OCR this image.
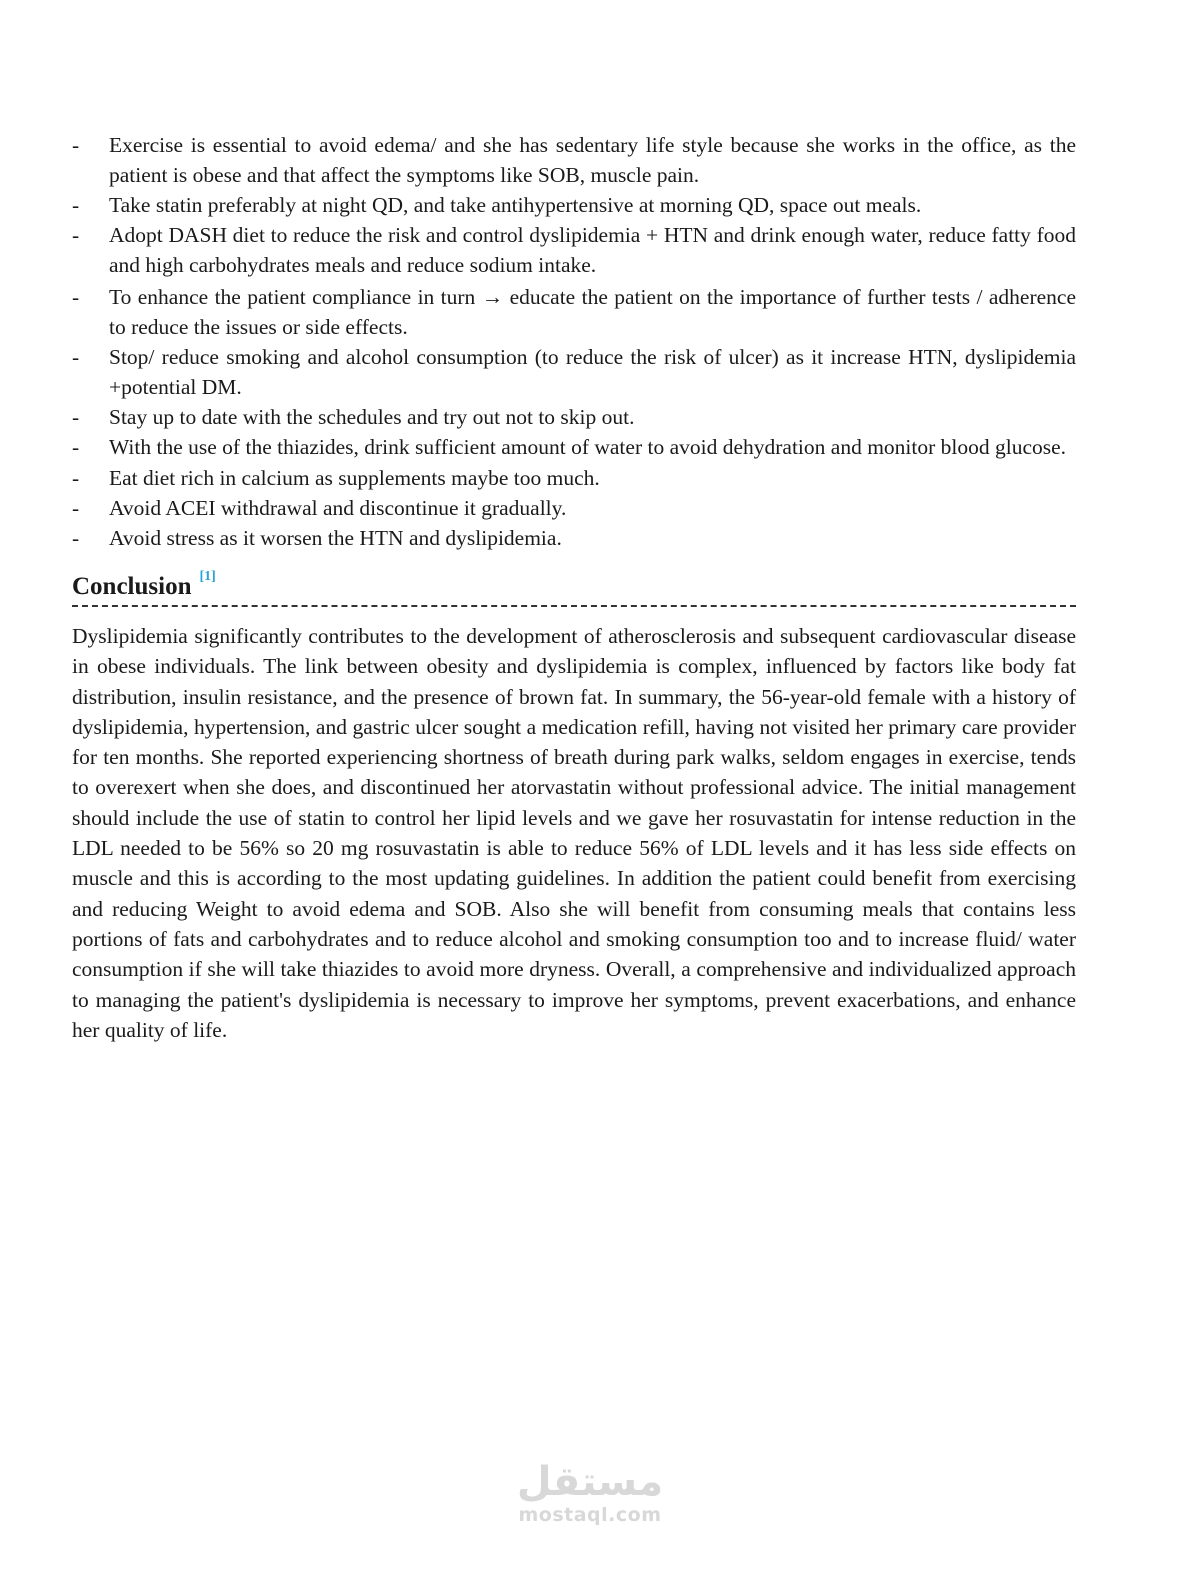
- Exercise is essential to avoid edema/ and she has sedentary life style because she works in the office, as the patient is obese and that affect the symptoms like SOB, muscle pain.
- Take statin preferably at night QD, and take antihypertensive at morning QD, space out meals.
- Adopt DASH diet to reduce the risk and control dyslipidemia + HTN and drink enough water, reduce fatty food and high carbohydrates meals and reduce sodium intake.
- To enhance the patient compliance in turn → educate the patient on the importance of further tests / adherence to reduce the issues or side effects.
- Stop/ reduce smoking and alcohol consumption (to reduce the risk of ulcer) as it increase HTN, dyslipidemia +potential DM.
- Stay up to date with the schedules and try out not to skip out.
- With the use of the thiazides, drink sufficient amount of water to avoid dehydration and monitor blood glucose.
- Eat diet rich in calcium as supplements maybe too much.
- Avoid ACEI withdrawal and discontinue it gradually.
- Avoid stress as it worsen the HTN and dyslipidemia.
Conclusion [1]

Dyslipidemia significantly contributes to the development of atherosclerosis and subsequent cardiovascular disease in obese individuals. The link between obesity and dyslipidemia is complex, influenced by factors like body fat distribution, insulin resistance, and the presence of brown fat. In summary, the 56-year-old female with a history of dyslipidemia, hypertension, and gastric ulcer sought a medication refill, having not visited her primary care provider for ten months. She reported experiencing shortness of breath during park walks, seldom engages in exercise, tends to overexert when she does, and discontinued her atorvastatin without professional advice. The initial management should include the use of statin to control her lipid levels and we gave her rosuvastatin for intense reduction in the LDL needed to be 56% so 20 mg rosuvastatin is able to reduce 56% of LDL levels and it has less side effects on muscle and this is according to the most updating guidelines. In addition the patient could benefit from exercising and reducing Weight to avoid edema and SOB. Also she will benefit from consuming meals that contains less portions of fats and carbohydrates and to reduce alcohol and smoking consumption too and to increase fluid/ water consumption if she will take thiazides to avoid more dryness. Overall, a comprehensive and individualized approach to managing the patient's dyslipidemia is necessary to improve her symptoms, prevent exacerbations, and enhance her quality of life.

مستقل
mostaql.com
